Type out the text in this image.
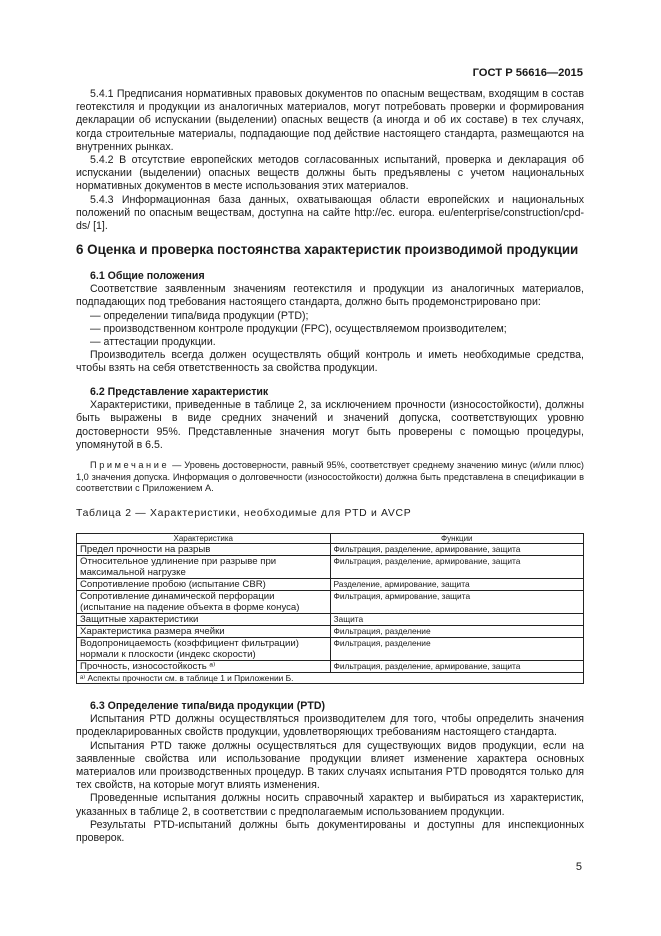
ГОСТ Р 56616—2015

5.4.1 Предписания нормативных правовых документов по опасным веществам, входящим в состав геотекстиля и продукции из аналогичных материалов, могут потребовать проверки и формирования декларации об испускании (выделении) опасных веществ (а иногда и об их составе) в тех случаях, когда строительные материалы, подпадающие под действие настоящего стандарта, размещаются на внутренних рынках.

5.4.2 В отсутствие европейских методов согласованных испытаний, проверка и декларация об испускании (выделении) опасных веществ должны быть предъявлены с учетом национальных нормативных документов в месте использования этих материалов.

5.4.3 Информационная база данных, охватывающая области европейских и национальных положений по опасным веществам, доступна на сайте http://ec. europa. eu/enterprise/construction/cpd-ds/ [1].

6 Оценка и проверка постоянства характеристик производимой продукции
6.1 Общие положения

Соответствие заявленным значениям геотекстиля и продукции из аналогичных материалов, подпадающих под требования настоящего стандарта, должно быть продемонстрировано при:

— определении типа/вида продукции (PTD);

— производственном контроле продукции (FPC), осуществляемом производителем;

— аттестации продукции.

Производитель всегда должен осуществлять общий контроль и иметь необходимые средства, чтобы взять на себя ответственность за свойства продукции.

6.2 Представление характеристик

Характеристики, приведенные в таблице 2, за исключением прочности (износостойкости), должны быть выражены в виде средних значений и значений допуска, соответствующих уровню достоверности 95%. Представленные значения могут быть проверены с помощью процедуры, упомянутой в 6.5.

Примечание — Уровень достоверности, равный 95%, соответствует среднему значению минус (и/или плюс) 1,0 значения допуска. Информация о долговечности (износостойкости) должна быть представлена в спецификации в соответствии с Приложением А.

Таблица 2 — Характеристики, необходимые для PTD и AVCP

Характеристика	Функции
Предел прочности на разрыв	Фильтрация, разделение, армирование, защита
Относительное удлинение при разрыве при максимальной нагрузке	Фильтрация, разделение, армирование, защита
Сопротивление пробою (испытание CBR)	Разделение, армирование, защита
Сопротивление динамической перфорации (испытание на падение объекта в форме конуса)	Фильтрация, армирование, защита
Защитные характеристики	Защита
Характеристика размера ячейки	Фильтрация, разделение
Водопроницаемость (коэффициент фильтрации) нормали к плоскости (индекс скорости)	Фильтрация, разделение
Прочность, износостойкость ᵃ⁾	Фильтрация, разделение, армирование, защита
ᵃ⁾ Аспекты прочности см. в таблице 1 и Приложении Б.	
6.3 Определение типа/вида продукции (PTD)

Испытания PTD должны осуществляться производителем для того, чтобы определить значения продекларированных свойств продукции, удовлетворяющих требованиям настоящего стандарта.

Испытания PTD также должны осуществляться для существующих видов продукции, если на заявленные свойства или использование продукции влияет изменение характера основных материалов или производственных процедур. В таких случаях испытания PTD проводятся только для тех свойств, на которые могут влиять изменения.

Проведенные испытания должны носить справочный характер и выбираться из характеристик, указанных в таблице 2, в соответствии с предполагаемым использованием продукции.

Результаты PTD-испытаний должны быть документированы и доступны для инспекционных проверок.

5
